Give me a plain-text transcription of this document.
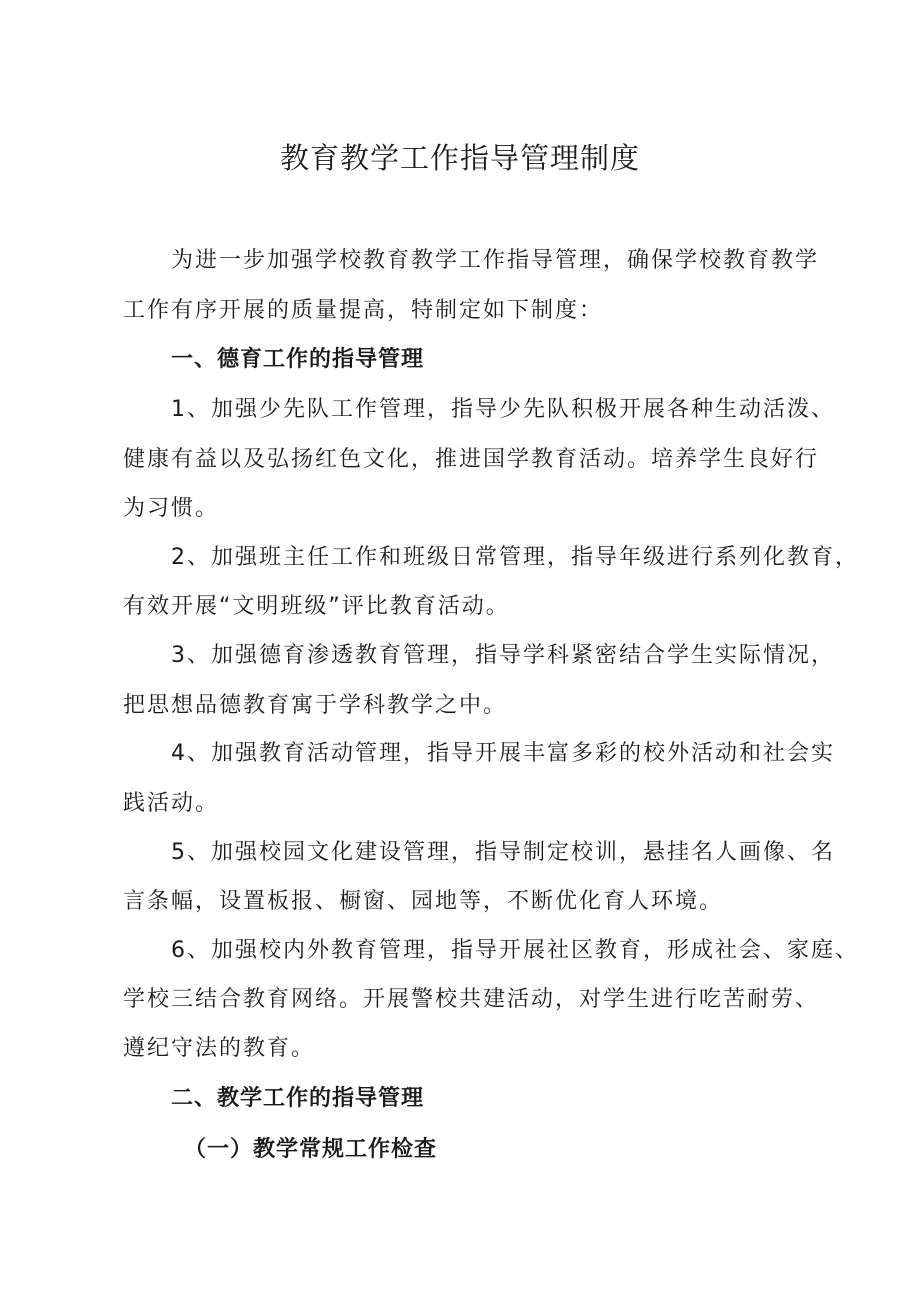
教育教学工作指导管理制度

为进一步加强学校教育教学工作指导管理，确保学校教育教学

工作有序开展的质量提高，特制定如下制度：

一、德育工作的指导管理

1、加强少先队工作管理，指导少先队积极开展各种生动活泼、

健康有益以及弘扬红色文化，推进国学教育活动。培养学生良好行

为习惯。

2、加强班主任工作和班级日常管理，指导年级进行系列化教育，

有效开展“文明班级”评比教育活动。

3、加强德育渗透教育管理，指导学科紧密结合学生实际情况，

把思想品德教育寓于学科教学之中。

4、加强教育活动管理，指导开展丰富多彩的校外活动和社会实

践活动。

5、加强校园文化建设管理，指导制定校训，悬挂名人画像、名

言条幅，设置板报、橱窗、园地等，不断优化育人环境。

6、加强校内外教育管理，指导开展社区教育，形成社会、家庭、

学校三结合教育网络。开展警校共建活动，对学生进行吃苦耐劳、

遵纪守法的教育。

二、教学工作的指导管理

（一）教学常规工作检查
